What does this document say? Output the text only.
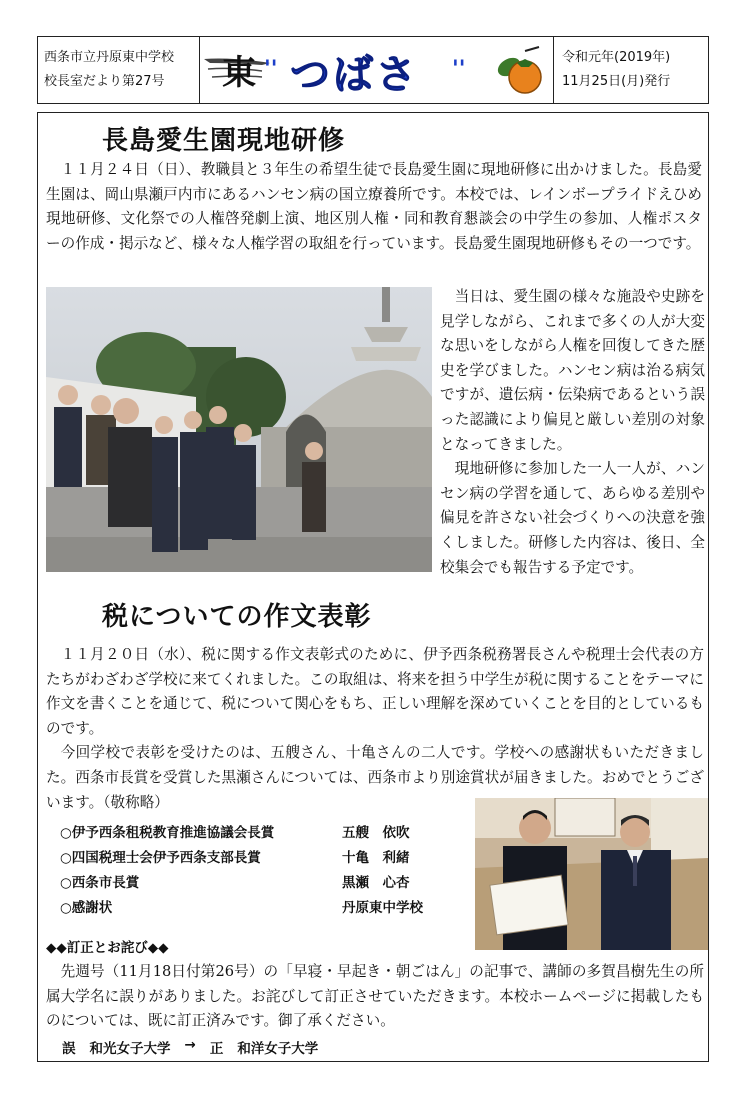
西条市立丹原東中学校
校長室だより第27号	東 '' つばさ ''	令和元年(2019年)
11月25日(月)発行
長島愛生園現地研修

１１月２４日（日）、教職員と３年生の希望生徒で長島愛生園に現地研修に出かけました。長島愛生園は、岡山県瀬戸内市にあるハンセン病の国立療養所です。本校では、レインボープライドえひめ現地研修、文化祭での人権啓発劇上演、地区別人権・同和教育懇談会の中学生の参加、人権ポスターの作成・掲示など、様々な人権学習の取組を行っています。長島愛生園現地研修もその一つです。

当日は、愛生園の様々な施設や史跡を見学しながら、これまで多くの人が大変な思いをしながら人権を回復してきた歴史を学びました。ハンセン病は治る病気ですが、遺伝病・伝染病であるという誤った認識により偏見と厳しい差別の対象となってきました。

現地研修に参加した一人一人が、ハンセン病の学習を通して、あらゆる差別や偏見を許さない社会づくりへの決意を強くしました。研修した内容は、後日、全校集会でも報告する予定です。

税についての作文表彰

１１月２０日（水）、税に関する作文表彰式のために、伊予西条税務署長さんや税理士会代表の方たちがわざわざ学校に来てくれました。この取組は、将来を担う中学生が税に関することをテーマに作文を書くことを通じて、税について関心をもち、正しい理解を深めていくことを目的としているものです。

今回学校で表彰を受けたのは、五艘さん、十亀さんの二人です。学校への感謝状もいただきました。西条市長賞を受賞した黒瀬さんについては、西条市より別途賞状が届きました。おめでとうございます。（敬称略）

○伊予西条租税教育推進協議会長賞	五艘　依吹
○四国税理士会伊予西条支部長賞	十亀　利緒
○西条市長賞	黒瀬　心杏
○感謝状	丹原東中学校
◆◆訂正とお詫び◆◆

先週号（11月18日付第26号）の「早寝・早起き・朝ごはん」の記事で、講師の多賀昌樹先生の所属大学名に誤りがありました。お詫びして訂正させていただきます。本校ホームページに掲載したものについては、既に訂正済みです。御了承ください。

誤 和光女子大学 → 正 和洋女子大学
